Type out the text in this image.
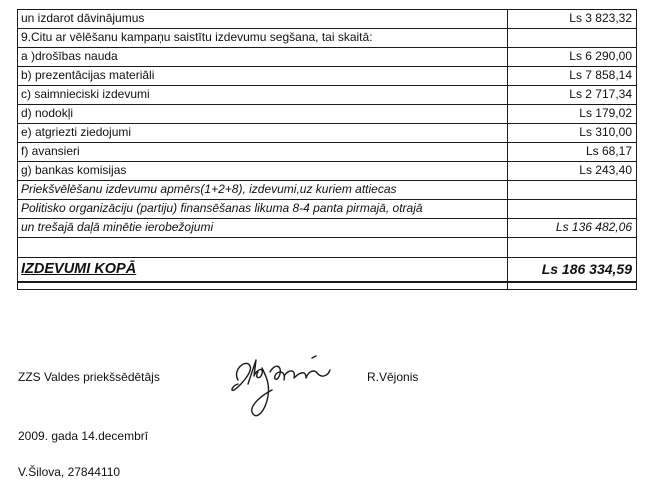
un izdarot dāvinājumus	Ls 3 823,32
9.Citu ar vēlēšanu kampaņu saistītu izdevumu segšana, tai skaitā:	
a )drošības nauda	Ls 6 290,00
b) prezentācijas materiāli	Ls 7 858,14
c) saimnieciski izdevumi	Ls 2 717,34
d) nodokļi	Ls 179,02
e) atgriezti ziedojumi	Ls 310,00
f) avansieri	Ls 68,17
g) bankas komisijas	Ls 243,40
Priekšvēlēšanu izdevumu apmērs(1+2+8), izdevumi,uz kuriem attiecas	
Politisko organizāciju (partiju) finansēšanas likuma 8-4 panta pirmajā, otrajā	
un trešajā daļā minētie ierobežojumi	Ls 136 482,06

IZDEVUMI KOPĀ	Ls 186 334,59

ZZS Valdes priekšsēdētājs	R.Vējonis
2009. gada 14.decembrī
V.Šilova, 27844110
